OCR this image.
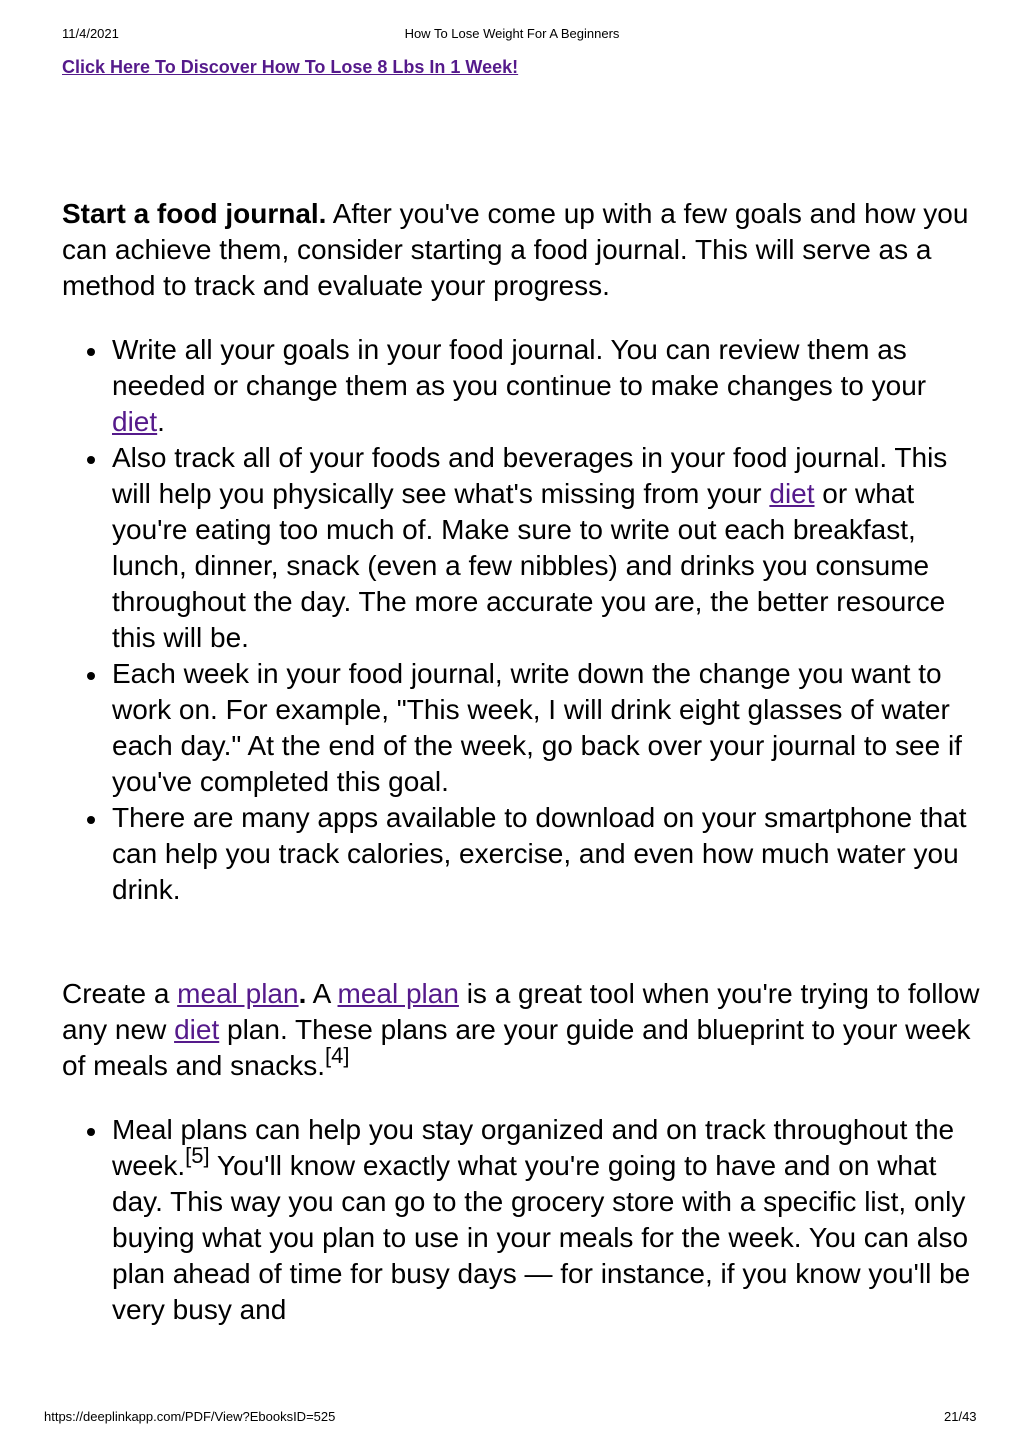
11/4/2021	How To Lose Weight For A Beginners
Click Here To Discover How To Lose 8 Lbs In 1 Week!

Start a food journal. After you've come up with a few goals and how you can achieve them, consider starting a food journal. This will serve as a method to track and evaluate your progress.

Write all your goals in your food journal. You can review them as needed or change them as you continue to make changes to your diet.
Also track all of your foods and beverages in your food journal. This will help you physically see what's missing from your diet or what you're eating too much of. Make sure to write out each breakfast, lunch, dinner, snack (even a few nibbles) and drinks you consume throughout the day. The more accurate you are, the better resource this will be.
Each week in your food journal, write down the change you want to work on. For example, "This week, I will drink eight glasses of water each day." At the end of the week, go back over your journal to see if you've completed this goal.
There are many apps available to download on your smartphone that can help you track calories, exercise, and even how much water you drink.

Create a meal plan. A meal plan is a great tool when you're trying to follow any new diet plan. These plans are your guide and blueprint to your week of meals and snacks.[4]

Meal plans can help you stay organized and on track throughout the week.[5] You'll know exactly what you're going to have and on what day. This way you can go to the grocery store with a specific list, only buying what you plan to use in your meals for the week. You can also plan ahead of time for busy days — for instance, if you know you'll be very busy and
https://deeplinkapp.com/PDF/View?EbooksID=525	21/43
